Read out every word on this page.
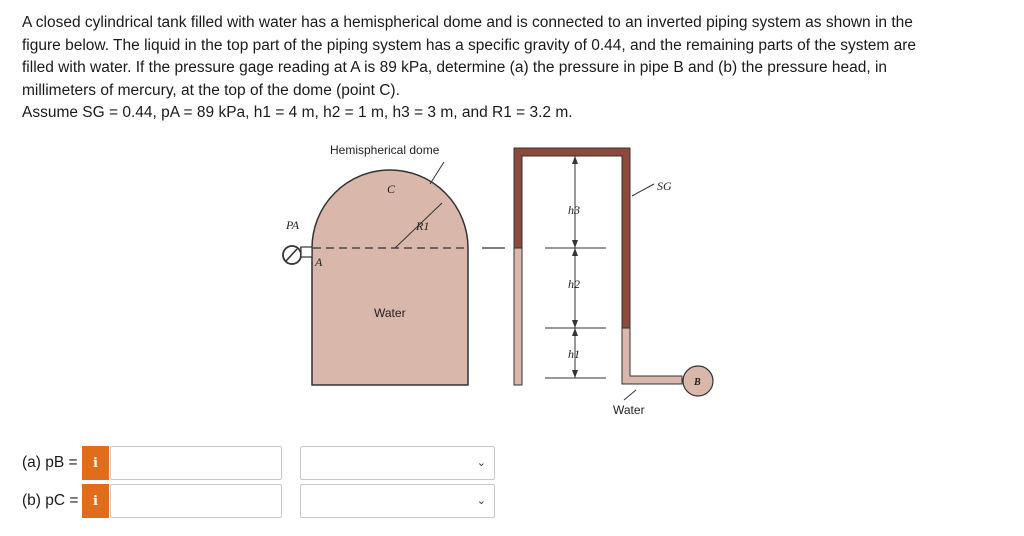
A closed cylindrical tank filled with water has a hemispherical dome and is connected to an inverted piping system as shown in the

figure below. The liquid in the top part of the piping system has a specific gravity of 0.44, and the remaining parts of the system are

filled with water. If the pressure gage reading at A is 89 kPa, determine (a) the pressure in pipe B and (b) the pressure head, in

millimeters of mercury, at the top of the dome (point C).

Assume SG = 0.44, pA = 89 kPa, h1 = 4 m, h2 = 1 m, h3 = 3 m, and R1 = 3.2 m.

Hemispherical dome
C
R1
PA
A
Water
h3
h2
h1
SG
B
Water
(a) pB =	i	⌄
(b) pC =	i	⌄
